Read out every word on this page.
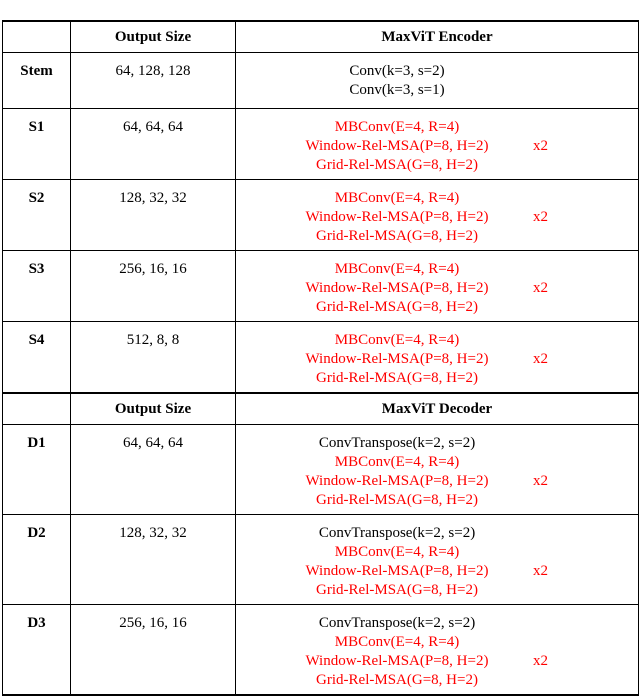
	Output Size	MaxViT Encoder
Stem	64, 128, 128	Conv(k=3, s=2)
Conv(k=3, s=1)

S1	64, 64, 64	MBConv(E=4, R=4)
Window-Rel-MSA(P=8, H=2)
Grid-Rel-MSA(G=8, H=2)
x2

S2	128, 32, 32	MBConv(E=4, R=4)
Window-Rel-MSA(P=8, H=2)
Grid-Rel-MSA(G=8, H=2)
x2

S3	256, 16, 16	MBConv(E=4, R=4)
Window-Rel-MSA(P=8, H=2)
Grid-Rel-MSA(G=8, H=2)
x2

S4	512, 8, 8	MBConv(E=4, R=4)
Window-Rel-MSA(P=8, H=2)
Grid-Rel-MSA(G=8, H=2)
x2

	Output Size	MaxViT Decoder
D1	64, 64, 64	ConvTranspose(k=2, s=2)
MBConv(E=4, R=4)
Window-Rel-MSA(P=8, H=2)
Grid-Rel-MSA(G=8, H=2)
x2

D2	128, 32, 32	ConvTranspose(k=2, s=2)
MBConv(E=4, R=4)
Window-Rel-MSA(P=8, H=2)
Grid-Rel-MSA(G=8, H=2)
x2

D3	256, 16, 16	ConvTranspose(k=2, s=2)
MBConv(E=4, R=4)
Window-Rel-MSA(P=8, H=2)
Grid-Rel-MSA(G=8, H=2)
x2
